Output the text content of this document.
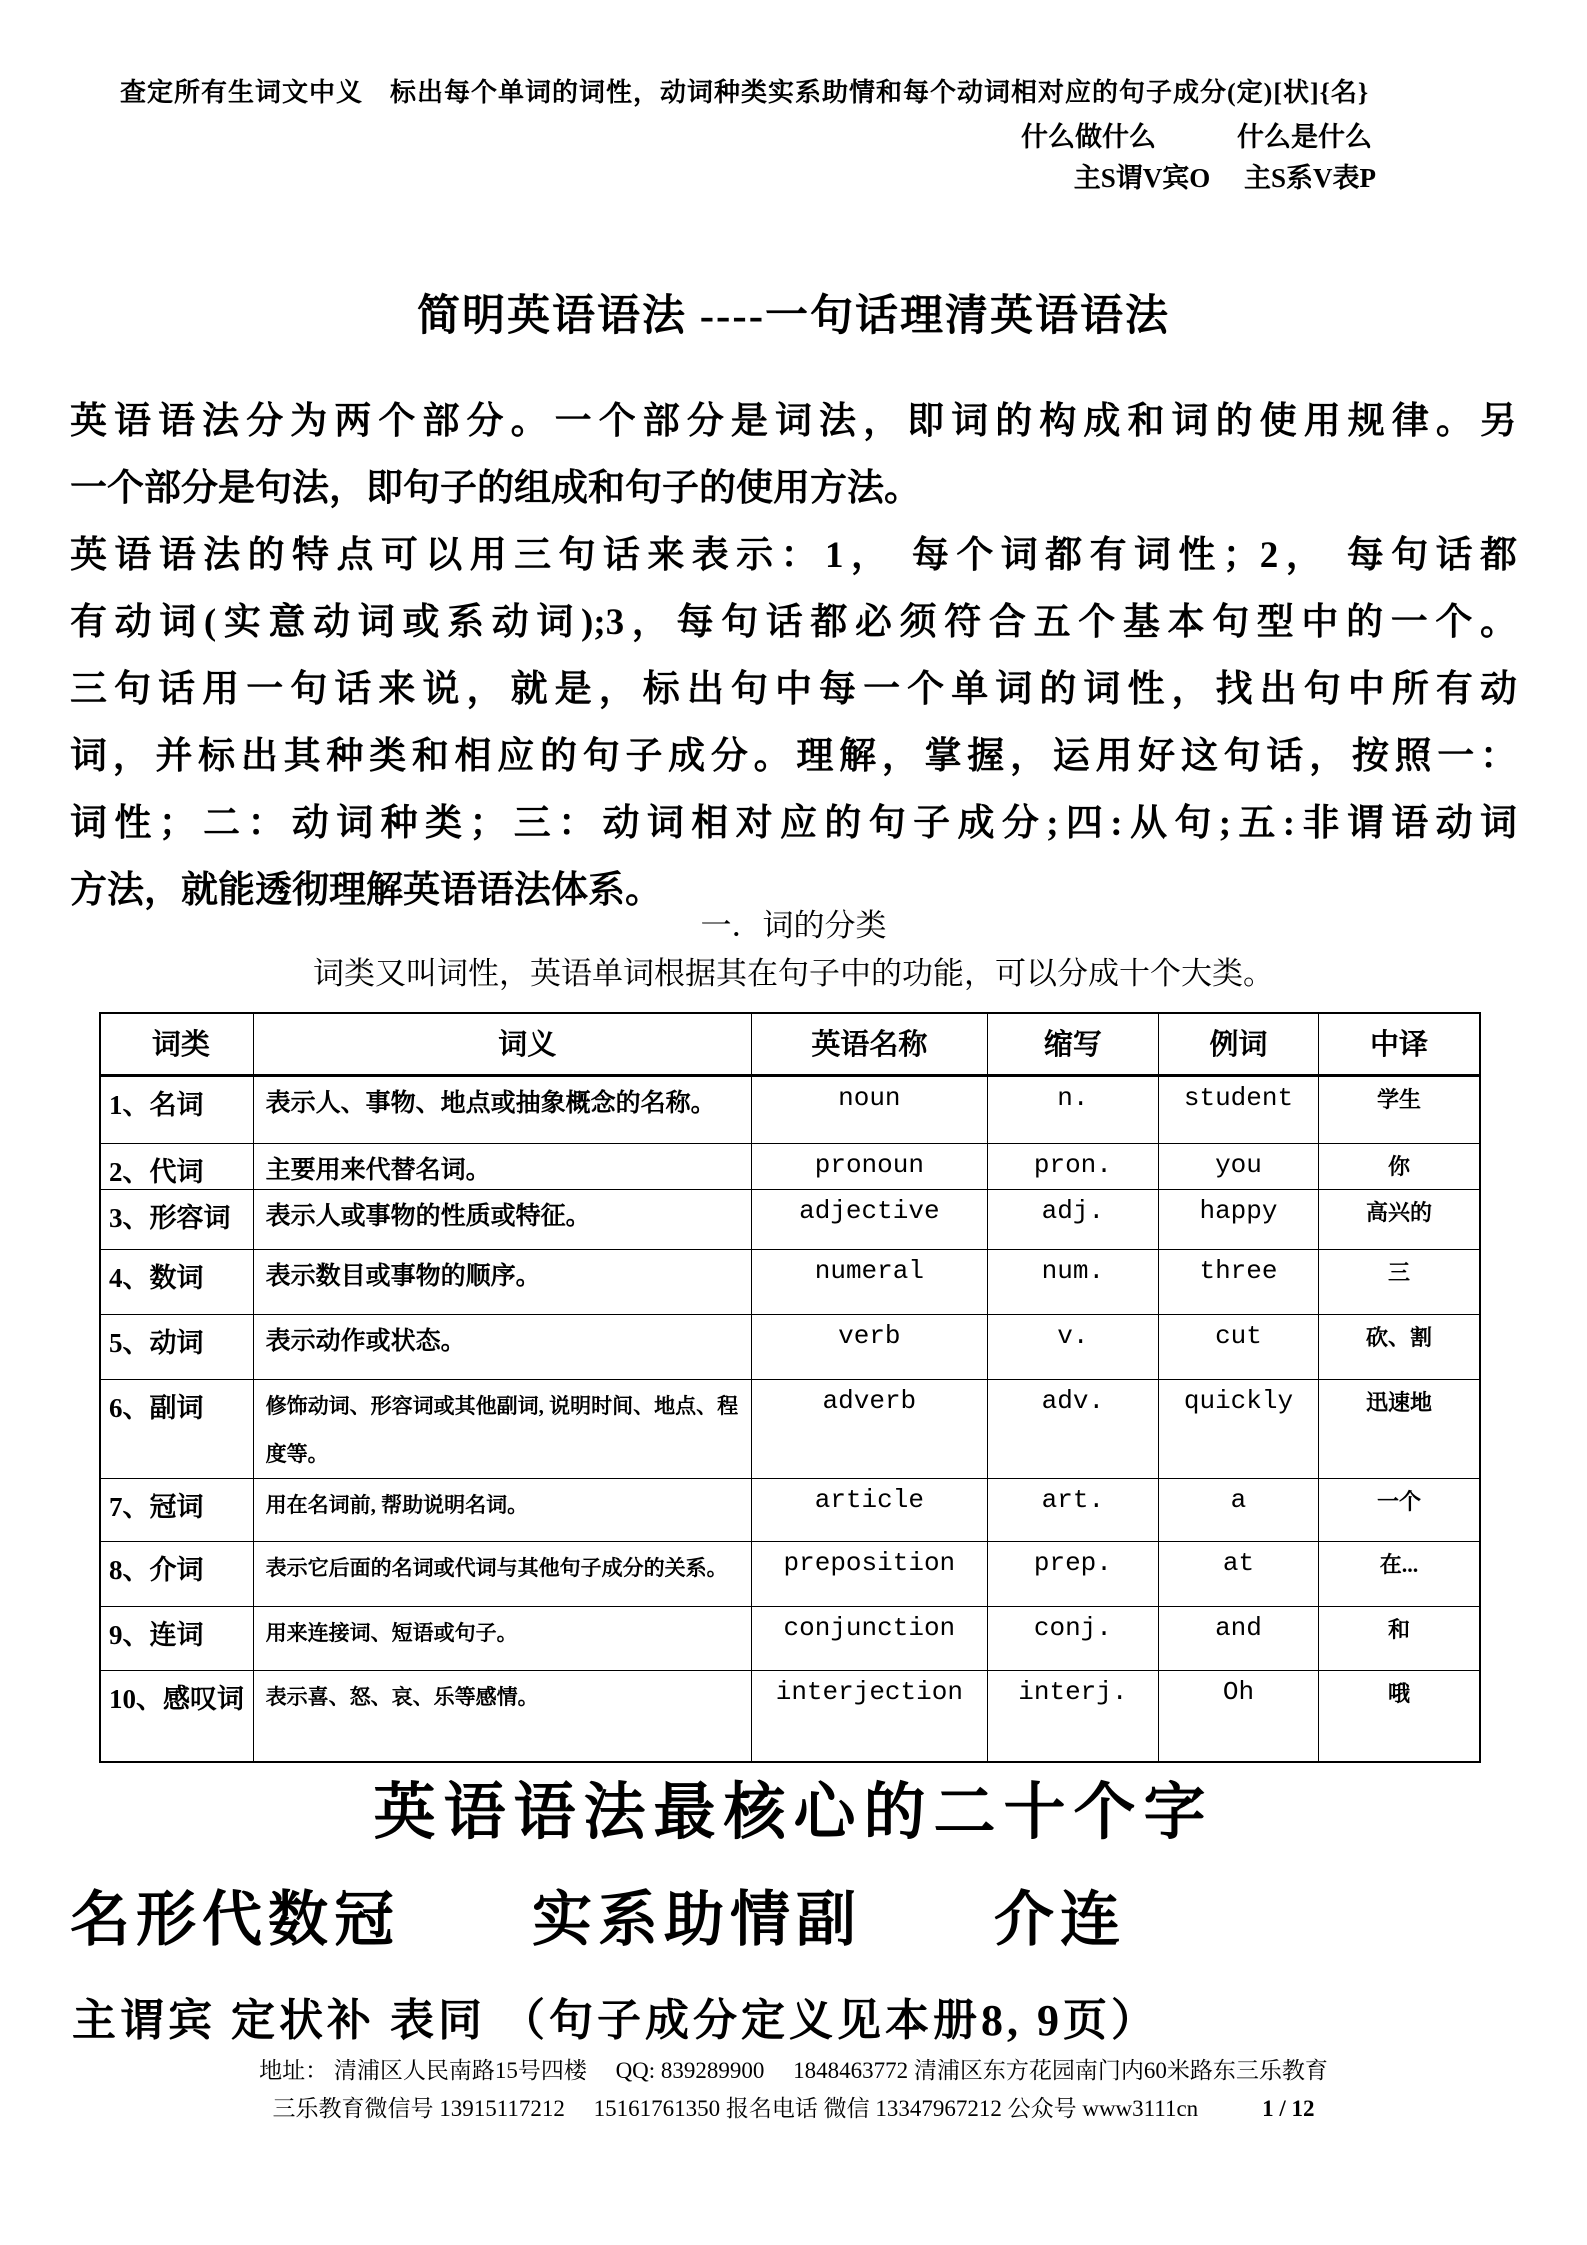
查定所有生词文中义　标出每个单词的词性，动词种类实系助情和每个动词相对应的句子成分(定)[状]{名}
什么做什么　　　什么是什么
主S谓V宾O　 主S系V表P
简明英语语法 ----一句话理清英语语法
英语语法分为两个部分。一个部分是词法，即词的构成和词的使用规律。另
一个部分是句法，即句子的组成和句子的使用方法。
英语语法的特点可以用三句话来表示：1， 每个词都有词性；2， 每句话都
有动词(实意动词或系动词);3，每句话都必须符合五个基本句型中的一个。
三句话用一句话来说，就是，标出句中每一个单词的词性，找出句中所有动
词，并标出其种类和相应的句子成分。理解，掌握，运用好这句话，按照一：
词性；二：动词种类；三：动词相对应的句子成分;四:从句;五:非谓语动词
方法，就能透彻理解英语语法体系。
一．词的分类
词类又叫词性，英语单词根据其在句子中的功能，可以分成十个大类。
词类	词义	英语名称	缩写	例词	中译
1、名词	表示人、事物、地点或抽象概念的名称。	noun	n.	student	学生
2、代词	主要用来代替名词。	pronoun	pron.	you	你
3、形容词	表示人或事物的性质或特征。	adjective	adj.	happy	高兴的
4、数词	表示数目或事物的顺序。	numeral	num.	three	三
5、动词	表示动作或状态。	verb	v.	cut	砍、割
6、副词	修饰动词、形容词或其他副词, 说明时间、地点、程度等。	adverb	adv.	quickly	迅速地
7、冠词	用在名词前, 帮助说明名词。	article	art.	a	一个
8、介词	表示它后面的名词或代词与其他句子成分的关系。	preposition	prep.	at	在...
9、连词	用来连接词、短语或句子。	conjunction	conj.	and	和
10、感叹词	表示喜、怒、哀、乐等感情。	interjection	interj.	Oh	哦
英语语法最核心的二十个字
名形代数冠　　实系助情副　　介连
主谓宾 定状补 表同 （句子成分定义见本册8, 9页）
地址： 清浦区人民南路15号四楼　 QQ: 839289900　 1848463772 清浦区东方花园南门内60米路东三乐教育
三乐教育微信号 13915117212　 15161761350 报名电话 微信 13347967212 公众号 www3111cn	1 / 12
